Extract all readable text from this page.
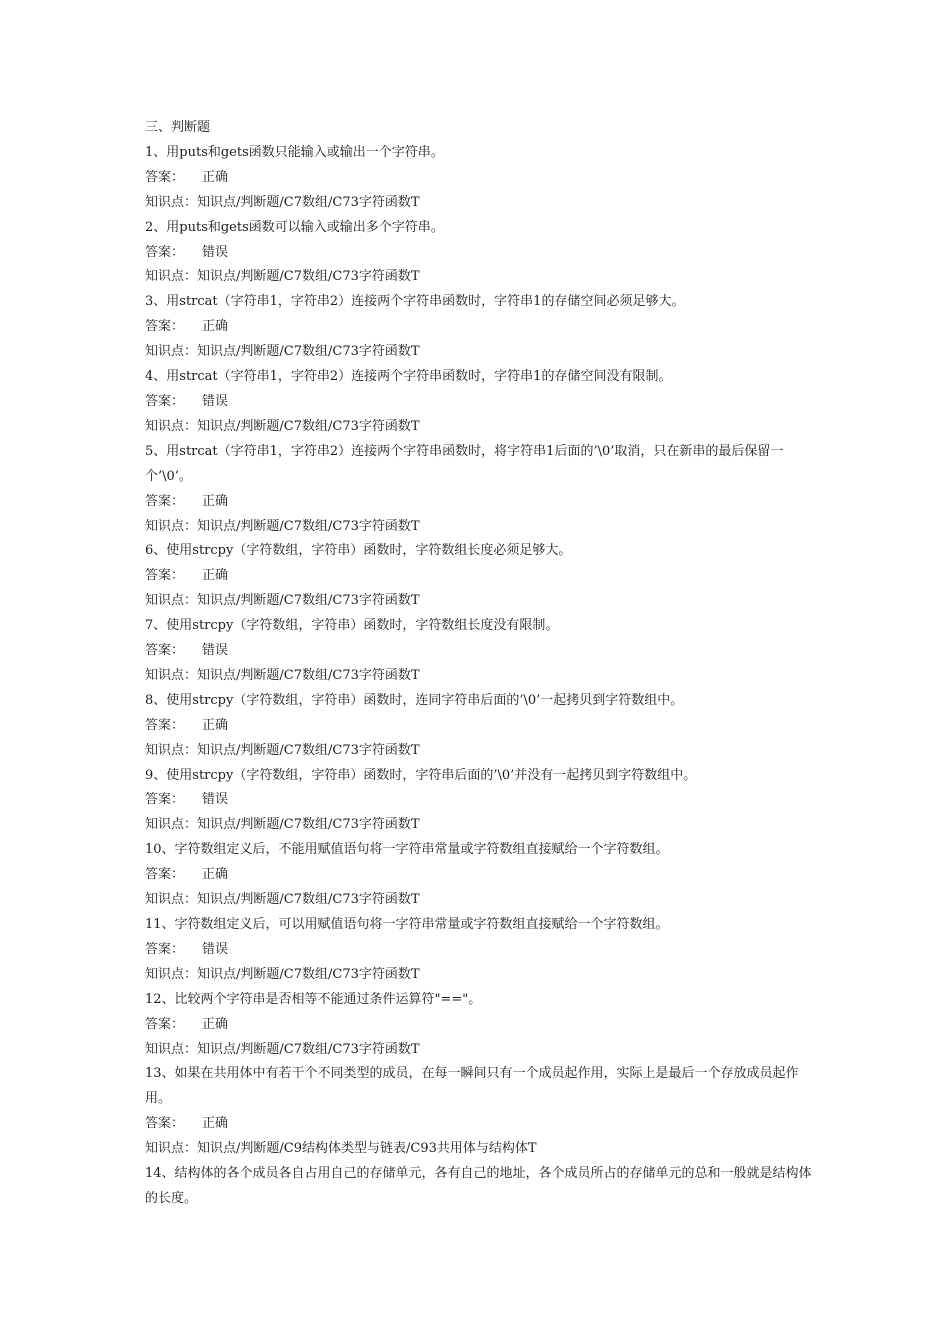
三、判断题
1、用puts和gets函数只能输入或输出一个字符串。
答案： 正确
知识点：知识点/判断题/C7数组/C73字符函数T
2、用puts和gets函数可以输入或输出多个字符串。
答案： 错误
知识点：知识点/判断题/C7数组/C73字符函数T
3、用strcat（字符串1，字符串2）连接两个字符串函数时，字符串1的存储空间必须足够大。
答案： 正确
知识点：知识点/判断题/C7数组/C73字符函数T
4、用strcat（字符串1，字符串2）连接两个字符串函数时，字符串1的存储空间没有限制。
答案： 错误
知识点：知识点/判断题/C7数组/C73字符函数T
5、用strcat（字符串1，字符串2）连接两个字符串函数时，将字符串1后面的’\0’取消，只在新串的最后保留一个’\0’。
答案： 正确
知识点：知识点/判断题/C7数组/C73字符函数T
6、使用strcpy（字符数组，字符串）函数时，字符数组长度必须足够大。
答案： 正确
知识点：知识点/判断题/C7数组/C73字符函数T
7、使用strcpy（字符数组，字符串）函数时，字符数组长度没有限制。
答案： 错误
知识点：知识点/判断题/C7数组/C73字符函数T
8、使用strcpy（字符数组，字符串）函数时，连同字符串后面的’\0’一起拷贝到字符数组中。
答案： 正确
知识点：知识点/判断题/C7数组/C73字符函数T
9、使用strcpy（字符数组，字符串）函数时，字符串后面的’\0’并没有一起拷贝到字符数组中。
答案： 错误
知识点：知识点/判断题/C7数组/C73字符函数T
10、字符数组定义后，不能用赋值语句将一字符串常量或字符数组直接赋给一个字符数组。
答案： 正确
知识点：知识点/判断题/C7数组/C73字符函数T
11、字符数组定义后，可以用赋值语句将一字符串常量或字符数组直接赋给一个字符数组。
答案： 错误
知识点：知识点/判断题/C7数组/C73字符函数T
12、比较两个字符串是否相等不能通过条件运算符"=="。
答案： 正确
知识点：知识点/判断题/C7数组/C73字符函数T
13、如果在共用体中有若干个不同类型的成员，在每一瞬间只有一个成员起作用，实际上是最后一个存放成员起作用。
答案： 正确
知识点：知识点/判断题/C9结构体类型与链表/C93共用体与结构体T
14、结构体的各个成员各自占用自己的存储单元，各有自己的地址，各个成员所占的存储单元的总和一般就是结构体的长度。
